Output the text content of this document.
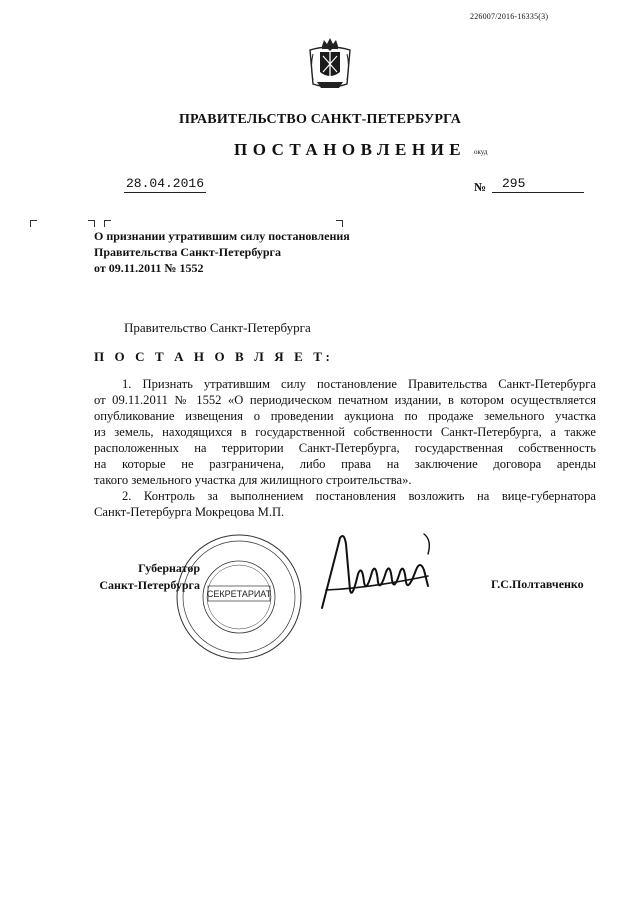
226007/2016-16335(3)
ПРАВИТЕЛЬСТВО САНКТ-ПЕТЕРБУРГА
ПОСТАНОВЛЕНИЕ окуд
28.04.2016	№	295
О признании утратившим силу постановления
Правительства Санкт-Петербурга
от 09.11.2011 № 1552
Правительство Санкт-Петербурга
П О С Т А Н О В Л Я Е Т:
1. Признать утратившим силу постановление Правительства Санкт-Петербурга
от 09.11.2011 № 1552 «О периодическом печатном издании, в котором осуществляется
опубликование извещения о проведении аукциона по продаже земельного участка
из земель, находящихся в государственной собственности Санкт-Петербурга, а также
расположенных на территории Санкт-Петербурга, государственная собственность
на которые не разграничена, либо права на заключение договора аренды
такого земельного участка для жилищного строительства».
2. Контроль за выполнением постановления возложить на вице-губернатора
Санкт-Петербурга Мокрецова М.П.
СЕКРЕТАРИАТ
Губернатор
Санкт-Петербурга	Г.С.Полтавченко
